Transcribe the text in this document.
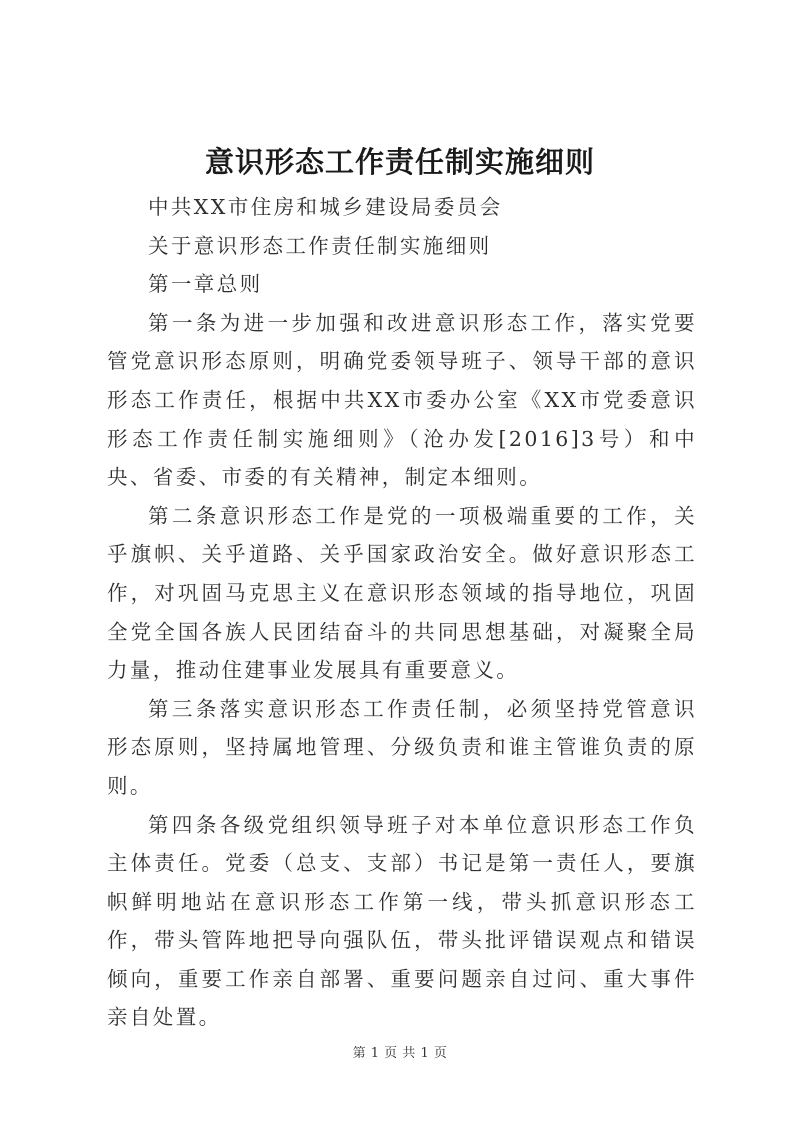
意识形态工作责任制实施细则

中共XX市住房和城乡建设局委员会

关于意识形态工作责任制实施细则

第一章总则

第一条为进一步加强和改进意识形态工作，落实党要管党意识形态原则，明确党委领导班子、领导干部的意识形态工作责任，根据中共XX市委办公室《XX市党委意识形态工作责任制实施细则》（沧办发[2016]3号）和中央、省委、市委的有关精神，制定本细则。

第二条意识形态工作是党的一项极端重要的工作，关乎旗帜、关乎道路、关乎国家政治安全。做好意识形态工作，对巩固马克思主义在意识形态领域的指导地位，巩固全党全国各族人民团结奋斗的共同思想基础，对凝聚全局力量，推动住建事业发展具有重要意义。

第三条落实意识形态工作责任制，必须坚持党管意识形态原则，坚持属地管理、分级负责和谁主管谁负责的原则。

第四条各级党组织领导班子对本单位意识形态工作负主体责任。党委（总支、支部）书记是第一责任人，要旗帜鲜明地站在意识形态工作第一线，带头抓意识形态工作，带头管阵地把导向强队伍，带头批评错误观点和错误倾向，重要工作亲自部署、重要问题亲自过问、重大事件亲自处置。

第 1 页 共 1 页
